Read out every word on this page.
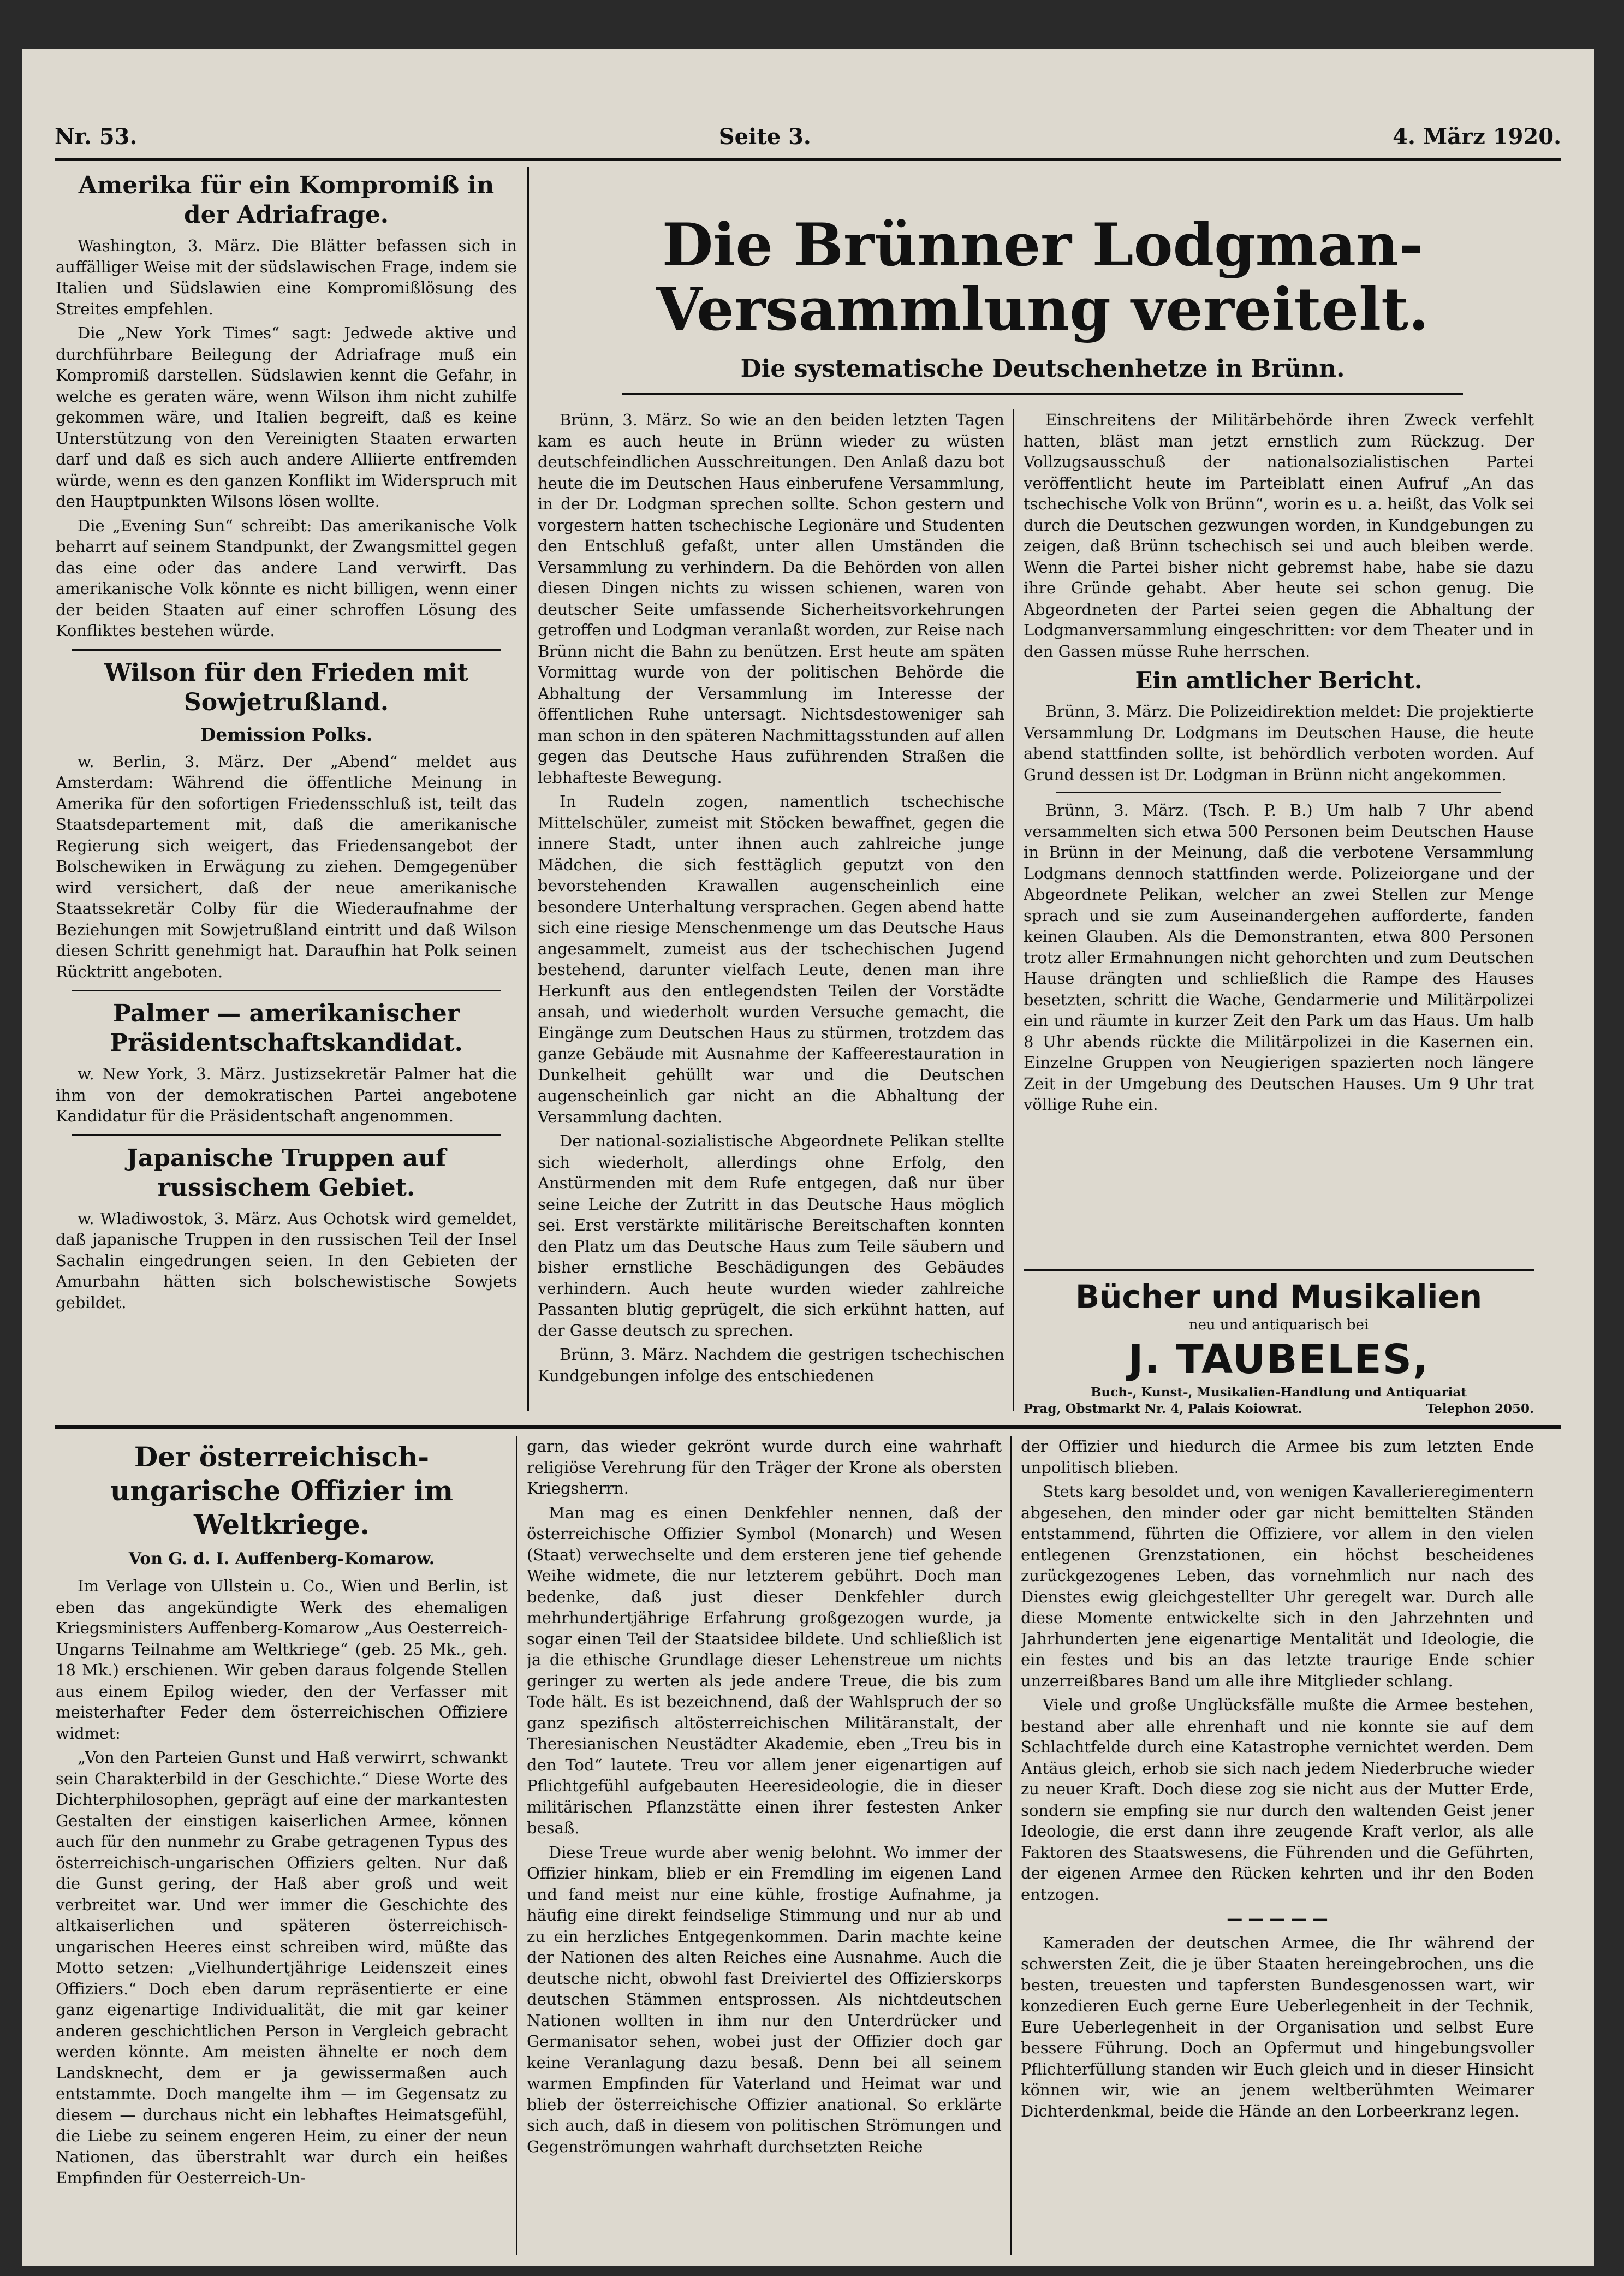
Nr. 53.	Seite 3.	4. März 1920.
Amerika für ein Kompromiß in der Adriafrage.

Washington, 3. März. Die Blätter befassen sich in auffälliger Weise mit der südslawischen Frage, indem sie Italien und Südslawien eine Kompromißlösung des Streites empfehlen.

Die „New York Times“ sagt: Jedwede aktive und durchführbare Beilegung der Adriafrage muß ein Kompromiß darstellen. Südslawien kennt die Gefahr, in welche es geraten wäre, wenn Wilson ihm nicht zuhilfe gekommen wäre, und Italien begreift, daß es keine Unterstützung von den Vereinigten Staaten erwarten darf und daß es sich auch andere Alliierte entfremden würde, wenn es den ganzen Konflikt im Widerspruch mit den Hauptpunkten Wilsons lösen wollte.

Die „Evening Sun“ schreibt: Das amerikanische Volk beharrt auf seinem Standpunkt, der Zwangsmittel gegen das eine oder das andere Land verwirft. Das amerikanische Volk könnte es nicht billigen, wenn einer der beiden Staaten auf einer schroffen Lösung des Konfliktes bestehen würde.

Wilson für den Frieden mit Sowjetrußland.
Demission Polks.

w. Berlin, 3. März. Der „Abend“ meldet aus Amsterdam: Während die öffentliche Meinung in Amerika für den sofortigen Friedensschluß ist, teilt das Staatsdepartement mit, daß die amerikanische Regierung sich weigert, das Friedensangebot der Bolschewiken in Erwägung zu ziehen. Demgegenüber wird versichert, daß der neue amerikanische Staatssekretär Colby für die Wiederaufnahme der Beziehungen mit Sowjetrußland eintritt und daß Wilson diesen Schritt genehmigt hat. Daraufhin hat Polk seinen Rücktritt angeboten.

Palmer — amerikanischer Präsidentschaftskandidat.

w. New York, 3. März. Justizsekretär Palmer hat die ihm von der demokratischen Partei angebotene Kandidatur für die Präsidentschaft angenommen.

Japanische Truppen auf russischem Gebiet.

w. Wladiwostok, 3. März. Aus Ochotsk wird gemeldet, daß japanische Truppen in den russischen Teil der Insel Sachalin eingedrungen seien. In den Gebieten der Amurbahn hätten sich bolschewistische Sowjets gebildet.

Die Brünner Lodgman-Versammlung vereitelt.
Die systematische Deutschenhetze in Brünn.

Brünn, 3. März. So wie an den beiden letzten Tagen kam es auch heute in Brünn wieder zu wüsten deutschfeindlichen Ausschreitungen. Den Anlaß dazu bot heute die im Deutschen Haus einberufene Versammlung, in der Dr. Lodgman sprechen sollte. Schon gestern und vorgestern hatten tschechische Legionäre und Studenten den Entschluß gefaßt, unter allen Umständen die Versammlung zu verhindern. Da die Behörden von allen diesen Dingen nichts zu wissen schienen, waren von deutscher Seite umfassende Sicherheitsvorkehrungen getroffen und Lodgman veranlaßt worden, zur Reise nach Brünn nicht die Bahn zu benützen. Erst heute am späten Vormittag wurde von der politischen Behörde die Abhaltung der Versammlung im Interesse der öffentlichen Ruhe untersagt. Nichtsdestoweniger sah man schon in den späteren Nachmittagsstunden auf allen gegen das Deutsche Haus zuführenden Straßen die lebhafteste Bewegung.

In Rudeln zogen, namentlich tschechische Mittelschüler, zumeist mit Stöcken bewaffnet, gegen die innere Stadt, unter ihnen auch zahlreiche junge Mädchen, die sich festtäglich geputzt von den bevorstehenden Krawallen augenscheinlich eine besondere Unterhaltung versprachen. Gegen abend hatte sich eine riesige Menschenmenge um das Deutsche Haus angesammelt, zumeist aus der tschechischen Jugend bestehend, darunter vielfach Leute, denen man ihre Herkunft aus den entlegendsten Teilen der Vorstädte ansah, und wiederholt wurden Versuche gemacht, die Eingänge zum Deutschen Haus zu stürmen, trotzdem das ganze Gebäude mit Ausnahme der Kaffeerestauration in Dunkelheit gehüllt war und die Deutschen augenscheinlich gar nicht an die Abhaltung der Versammlung dachten.

Der national-sozialistische Abgeordnete Pelikan stellte sich wiederholt, allerdings ohne Erfolg, den Anstürmenden mit dem Rufe entgegen, daß nur über seine Leiche der Zutritt in das Deutsche Haus möglich sei. Erst verstärkte militärische Bereitschaften konnten den Platz um das Deutsche Haus zum Teile säubern und bisher ernstliche Beschädigungen des Gebäudes verhindern. Auch heute wurden wieder zahlreiche Passanten blutig geprügelt, die sich erkühnt hatten, auf der Gasse deutsch zu sprechen.

Brünn, 3. März. Nachdem die gestrigen tschechischen Kundgebungen infolge des entschiedenen

Einschreitens der Militärbehörde ihren Zweck verfehlt hatten, bläst man jetzt ernstlich zum Rückzug. Der Vollzugsausschuß der nationalsozialistischen Partei veröffentlicht heute im Parteiblatt einen Aufruf „An das tschechische Volk von Brünn“, worin es u. a. heißt, das Volk sei durch die Deutschen gezwungen worden, in Kundgebungen zu zeigen, daß Brünn tschechisch sei und auch bleiben werde. Wenn die Partei bisher nicht gebremst habe, habe sie dazu ihre Gründe gehabt. Aber heute sei schon genug. Die Abgeordneten der Partei seien gegen die Abhaltung der Lodgmanversammlung eingeschritten: vor dem Theater und in den Gassen müsse Ruhe herrschen.

Ein amtlicher Bericht.

Brünn, 3. März. Die Polizeidirektion meldet: Die projektierte Versammlung Dr. Lodgmans im Deutschen Hause, die heute abend stattfinden sollte, ist behördlich verboten worden. Auf Grund dessen ist Dr. Lodgman in Brünn nicht angekommen.

Brünn, 3. März. (Tsch. P. B.) Um halb 7 Uhr abend versammelten sich etwa 500 Personen beim Deutschen Hause in Brünn in der Meinung, daß die verbotene Versammlung Lodgmans dennoch stattfinden werde. Polizeiorgane und der Abgeordnete Pelikan, welcher an zwei Stellen zur Menge sprach und sie zum Auseinandergehen aufforderte, fanden keinen Glauben. Als die Demonstranten, etwa 800 Personen trotz aller Ermahnungen nicht gehorchten und zum Deutschen Hause drängten und schließlich die Rampe des Hauses besetzten, schritt die Wache, Gendarmerie und Militärpolizei ein und räumte in kurzer Zeit den Park um das Haus. Um halb 8 Uhr abends rückte die Militärpolizei in die Kasernen ein. Einzelne Gruppen von Neugierigen spazierten noch längere Zeit in der Umgebung des Deutschen Hauses. Um 9 Uhr trat völlige Ruhe ein.

Bücher und Musikalien
neu und antiquarisch bei
J. TAUBELES,
Buch-, Kunst-, Musikalien-Handlung und Antiquariat
Prag, Obstmarkt Nr. 4, Palais Koiowrat.	Telephon 2050.
Der österreichisch-ungarische Offizier im Weltkriege.
Von G. d. I. Auffenberg-Komarow.

Im Verlage von Ullstein u. Co., Wien und Berlin, ist eben das angekündigte Werk des ehemaligen Kriegsministers Auffenberg-Komarow „Aus Oesterreich-Ungarns Teilnahme am Weltkriege“ (geb. 25 Mk., geh. 18 Mk.) erschienen. Wir geben daraus folgende Stellen aus einem Epilog wieder, den der Verfasser mit meisterhafter Feder dem österreichischen Offiziere widmet:

„Von den Parteien Gunst und Haß verwirrt, schwankt sein Charakterbild in der Geschichte.“ Diese Worte des Dichterphilosophen, geprägt auf eine der markantesten Gestalten der einstigen kaiserlichen Armee, können auch für den nunmehr zu Grabe getragenen Typus des österreichisch-ungarischen Offiziers gelten. Nur daß die Gunst gering, der Haß aber groß und weit verbreitet war. Und wer immer die Geschichte des altkaiserlichen und späteren österreichisch-ungarischen Heeres einst schreiben wird, müßte das Motto setzen: „Vielhundertjährige Leidenszeit eines Offiziers.“ Doch eben darum repräsentierte er eine ganz eigenartige Individualität, die mit gar keiner anderen geschichtlichen Person in Vergleich gebracht werden könnte. Am meisten ähnelte er noch dem Landsknecht, dem er ja gewissermaßen auch entstammte. Doch mangelte ihm — im Gegensatz zu diesem — durchaus nicht ein lebhaftes Heimatsgefühl, die Liebe zu seinem engeren Heim, zu einer der neun Nationen, das überstrahlt war durch ein heißes Empfinden für Oesterreich-Un-

garn, das wieder gekrönt wurde durch eine wahrhaft religiöse Verehrung für den Träger der Krone als obersten Kriegsherrn.

Man mag es einen Denkfehler nennen, daß der österreichische Offizier Symbol (Monarch) und Wesen (Staat) verwechselte und dem ersteren jene tief gehende Weihe widmete, die nur letzterem gebührt. Doch man bedenke, daß just dieser Denkfehler durch mehrhundertjährige Erfahrung großgezogen wurde, ja sogar einen Teil der Staatsidee bildete. Und schließlich ist ja die ethische Grundlage dieser Lehenstreue um nichts geringer zu werten als jede andere Treue, die bis zum Tode hält. Es ist bezeichnend, daß der Wahlspruch der so ganz spezifisch altösterreichischen Militäranstalt, der Theresianischen Neustädter Akademie, eben „Treu bis in den Tod“ lautete. Treu vor allem jener eigenartigen auf Pflichtgefühl aufgebauten Heeresideologie, die in dieser militärischen Pflanzstätte einen ihrer festesten Anker besaß.

Diese Treue wurde aber wenig belohnt. Wo immer der Offizier hinkam, blieb er ein Fremdling im eigenen Land und fand meist nur eine kühle, frostige Aufnahme, ja häufig eine direkt feindselige Stimmung und nur ab und zu ein herzliches Entgegenkommen. Darin machte keine der Nationen des alten Reiches eine Ausnahme. Auch die deutsche nicht, obwohl fast Dreiviertel des Offizierskorps deutschen Stämmen entsprossen. Als nichtdeutschen Nationen wollten in ihm nur den Unterdrücker und Germanisator sehen, wobei just der Offizier doch gar keine Veranlagung dazu besaß. Denn bei all seinem warmen Empfinden für Vaterland und Heimat war und blieb der österreichische Offizier anational. So erklärte sich auch, daß in diesem von politischen Strömungen und Gegenströmungen wahrhaft durchsetzten Reiche

der Offizier und hiedurch die Armee bis zum letzten Ende unpolitisch blieben.

Stets karg besoldet und, von wenigen Kavallerieregimentern abgesehen, den minder oder gar nicht bemittelten Ständen entstammend, führten die Offiziere, vor allem in den vielen entlegenen Grenzstationen, ein höchst bescheidenes zurückgezogenes Leben, das vornehmlich nur nach des Dienstes ewig gleichgestellter Uhr geregelt war. Durch alle diese Momente entwickelte sich in den Jahrzehnten und Jahrhunderten jene eigenartige Mentalität und Ideologie, die ein festes und bis an das letzte traurige Ende schier unzerreißbares Band um alle ihre Mitglieder schlang.

Viele und große Unglücksfälle mußte die Armee bestehen, bestand aber alle ehrenhaft und nie konnte sie auf dem Schlachtfelde durch eine Katastrophe vernichtet werden. Dem Antäus gleich, erhob sie sich nach jedem Niederbruche wieder zu neuer Kraft. Doch diese zog sie nicht aus der Mutter Erde, sondern sie empfing sie nur durch den waltenden Geist jener Ideologie, die erst dann ihre zeugende Kraft verlor, als alle Faktoren des Staatswesens, die Führenden und die Geführten, der eigenen Armee den Rücken kehrten und ihr den Boden entzogen.

— — — — —

Kameraden der deutschen Armee, die Ihr während der schwersten Zeit, die je über Staaten hereingebrochen, uns die besten, treuesten und tapfersten Bundesgenossen wart, wir konzedieren Euch gerne Eure Ueberlegenheit in der Technik, Eure Ueberlegenheit in der Organisation und selbst Eure bessere Führung. Doch an Opfermut und hingebungsvoller Pflichterfüllung standen wir Euch gleich und in dieser Hinsicht können wir, wie an jenem weltberühmten Weimarer Dichterdenkmal, beide die Hände an den Lorbeerkranz legen.
